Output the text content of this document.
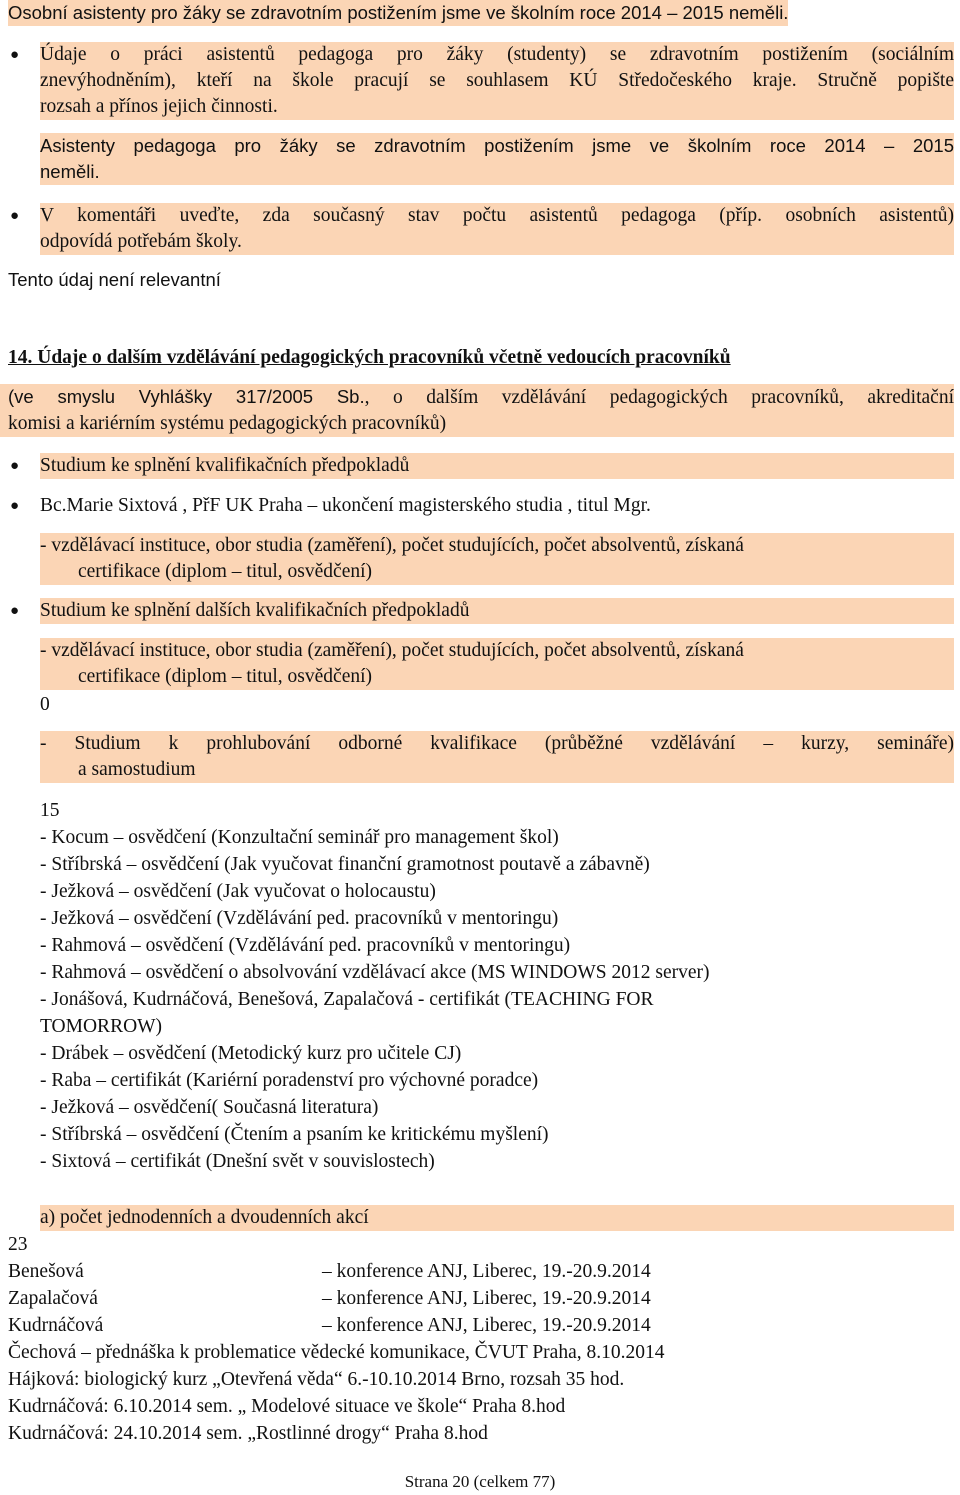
Osobní asistenty pro žáky se zdravotním postižením jsme ve školním roce 2014 – 2015 neměli.
● Údaje o práci asistentů pedagoga pro žáky (studenty) se zdravotním postižením (sociálním
znevýhodněním), kteří na škole pracují se souhlasem KÚ Středočeského kraje. Stručně popište
rozsah a přínos jejich činnosti.
Asistenty pedagoga pro žáky se zdravotním postižením jsme ve školním roce 2014 – 2015
neměli.
● V komentáři uveďte, zda současný stav počtu asistentů pedagoga (příp. osobních asistentů)
odpovídá potřebám školy.
Tento údaj není relevantní
14. Údaje o dalším vzdělávání pedagogických pracovníků včetně vedoucích pracovníků
(ve smyslu Vyhlášky 317/2005 Sb., o dalším vzdělávání pedagogických pracovníků, akreditační
komisi a kariérním systému pedagogických pracovníků)
● Studium ke splnění kvalifikačních předpokladů
● Bc.Marie Sixtová , PřF UK Praha – ukončení magisterského studia , titul Mgr.
- vzdělávací instituce, obor studia (zaměření), počet studujících, počet absolventů, získaná
certifikace (diplom – titul, osvědčení)
● Studium ke splnění dalších kvalifikačních předpokladů
- vzdělávací instituce, obor studia (zaměření), počet studujících, počet absolventů, získaná
certifikace (diplom – titul, osvědčení)
0
- Studium k prohlubování odborné kvalifikace (průběžné vzdělávání – kurzy, semináře)
a samostudium
15
- Kocum – osvědčení (Konzultační seminář pro management škol)
- Stříbrská – osvědčení (Jak vyučovat finanční gramotnost poutavě a zábavně)
- Ježková – osvědčení (Jak vyučovat o holocaustu)
- Ježková – osvědčení (Vzdělávání ped. pracovníků v mentoringu)
- Rahmová – osvědčení (Vzdělávání ped. pracovníků v mentoringu)
- Rahmová – osvědčení o absolvování vzdělávací akce (MS WINDOWS 2012 server)
- Jonášová, Kudrnáčová, Benešová, Zapalačová - certifikát (TEACHING FOR
TOMORROW)
- Drábek – osvědčení (Metodický kurz pro učitele CJ)
- Raba – certifikát (Kariérní poradenství pro výchovné poradce)
- Ježková – osvědčení( Současná literatura)
- Stříbrská – osvědčení (Čtením a psaním ke kritickému myšlení)
- Sixtová – certifikát (Dnešní svět v souvislostech)
a) počet jednodenních a dvoudenních akcí
23
Benešová	– konference ANJ, Liberec, 19.-20.9.2014
Zapalačová	– konference ANJ, Liberec, 19.-20.9.2014
Kudrnáčová	– konference ANJ, Liberec, 19.-20.9.2014
Čechová – přednáška k problematice vědecké komunikace, ČVUT Praha, 8.10.2014
Hájková: biologický kurz „Otevřená věda“ 6.-10.10.2014 Brno, rozsah 35 hod.
Kudrnáčová: 6.10.2014 sem. „ Modelové situace ve škole“ Praha 8.hod
Kudrnáčová: 24.10.2014 sem. „Rostlinné drogy“ Praha 8.hod
Strana 20 (celkem 77)
